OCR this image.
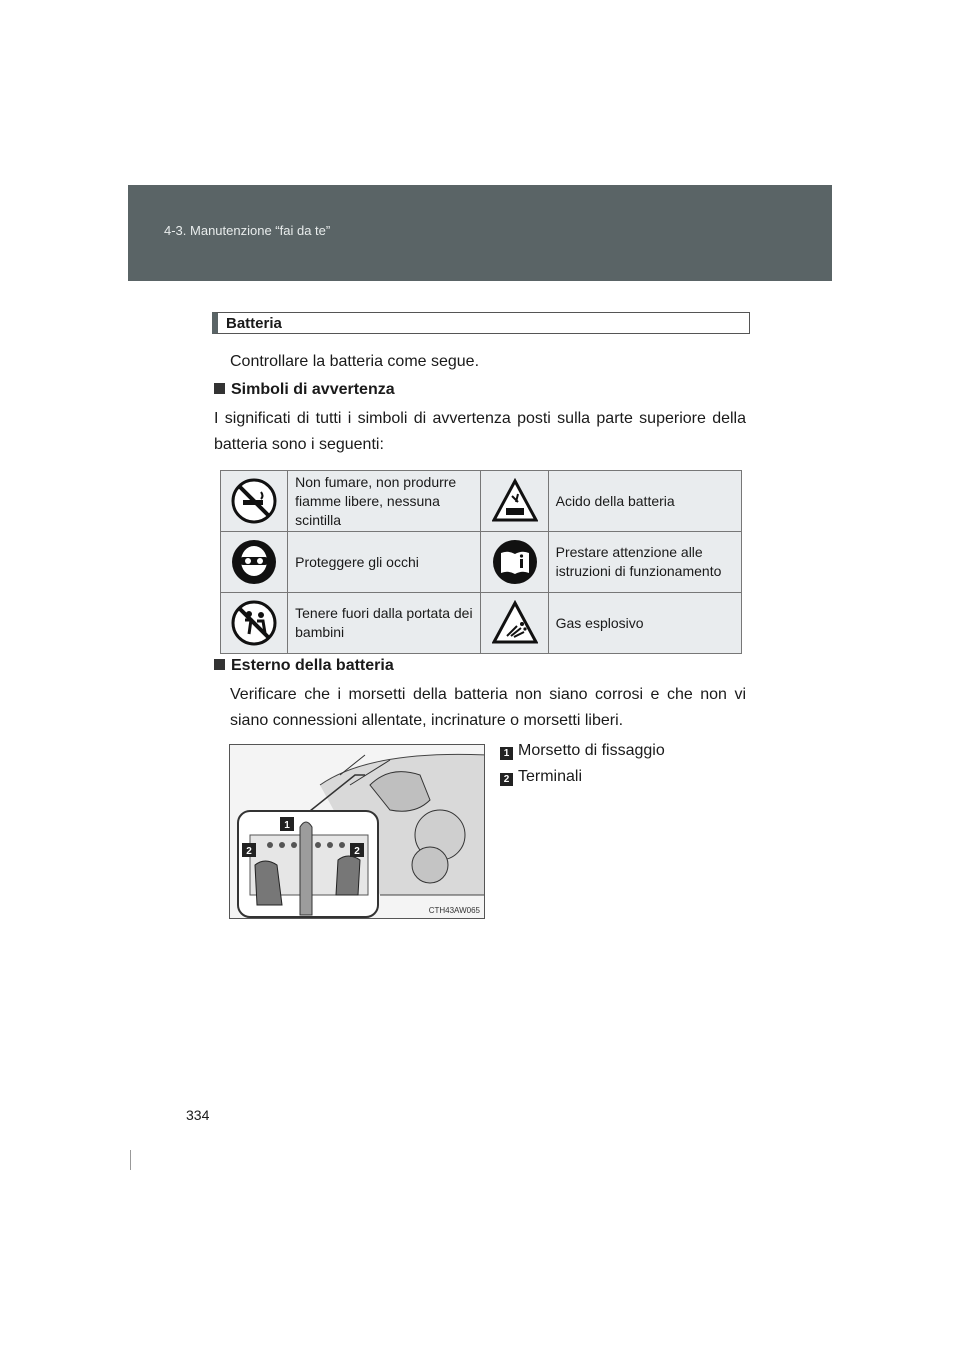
4-3. Manutenzione “fai da te”
Batteria
Controllare la batteria come segue.
Simboli di avvertenza
I significati di tutti i simboli di avvertenza posti sulla parte superiore della batteria sono i seguenti:
	Non fumare, non produrre fiamme libere, nessuna scintilla		Acido della batteria
	Proteggere gli occhi		Prestare attenzione alle istruzioni di funzionamento
	Tenere fuori dalla portata dei bambini		Gas esplosivo
Esterno della batteria
Verificare che i morsetti della batteria non siano corrosi e che non vi siano connessioni allentate, incrinature o morsetti liberi.
1
2	2
CTH43AW065
1 Morsetto di fissaggio
2 Terminali
334
